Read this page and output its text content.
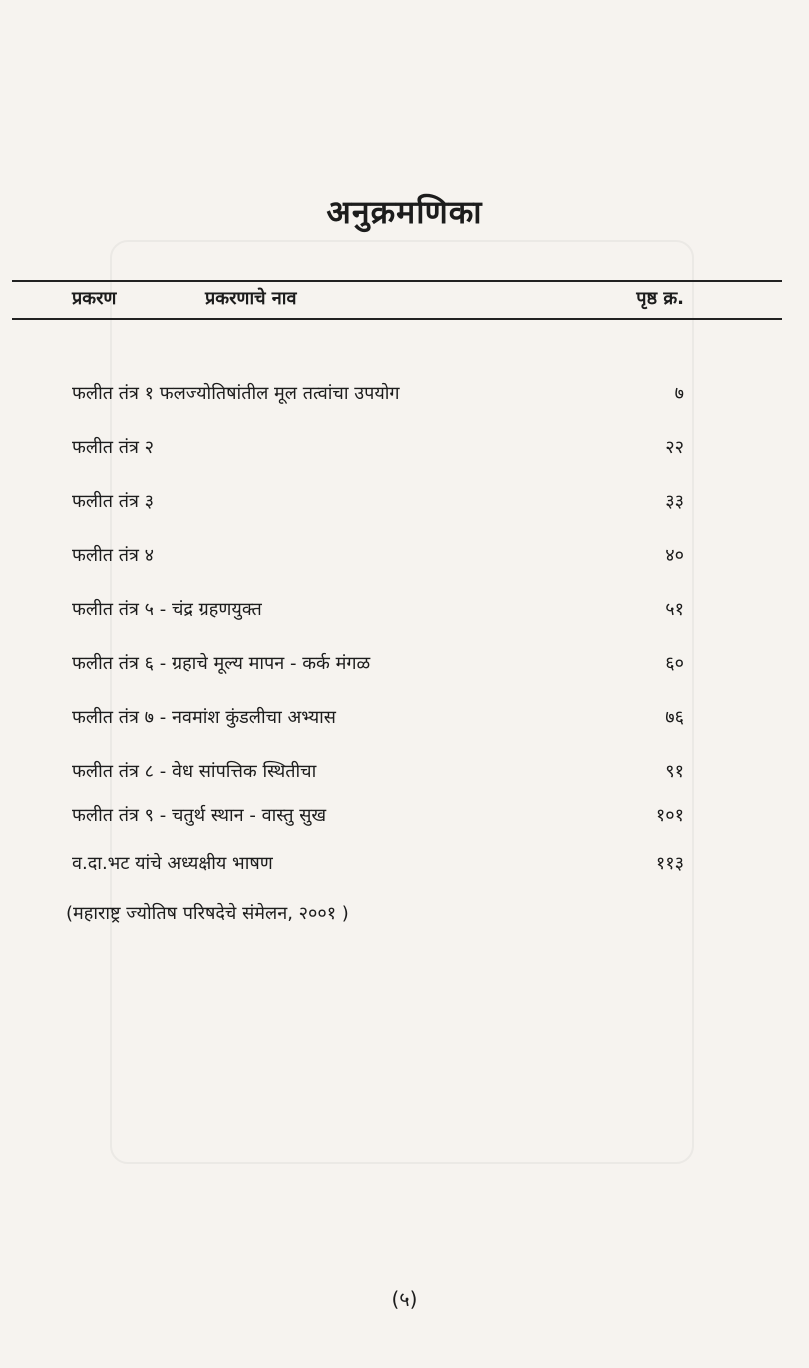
अनुक्रमणिका
प्रकरण	प्रकरणाचे नाव	पृष्ठ क्र.
फलीत तंत्र १ फलज्योतिषांतील मूल तत्वांचा उपयोग	७
फलीत तंत्र २	२२
फलीत तंत्र ३	३३
फलीत तंत्र ४	४०
फलीत तंत्र ५ - चंद्र ग्रहणयुक्त	५१
फलीत तंत्र ६ - ग्रहाचे मूल्य मापन - कर्क मंगळ	६०
फलीत तंत्र ७ - नवमांश कुंडलीचा अभ्यास	७६
फलीत तंत्र ८ - वेध सांपत्तिक स्थितीचा	९१
फलीत तंत्र ९ - चतुर्थ स्थान - वास्तु सुख	१०१
व.दा.भट यांचे अध्यक्षीय भाषण	११३
(महाराष्ट्र ज्योतिष परिषदेचे संमेलन, २००१ )
(५)
